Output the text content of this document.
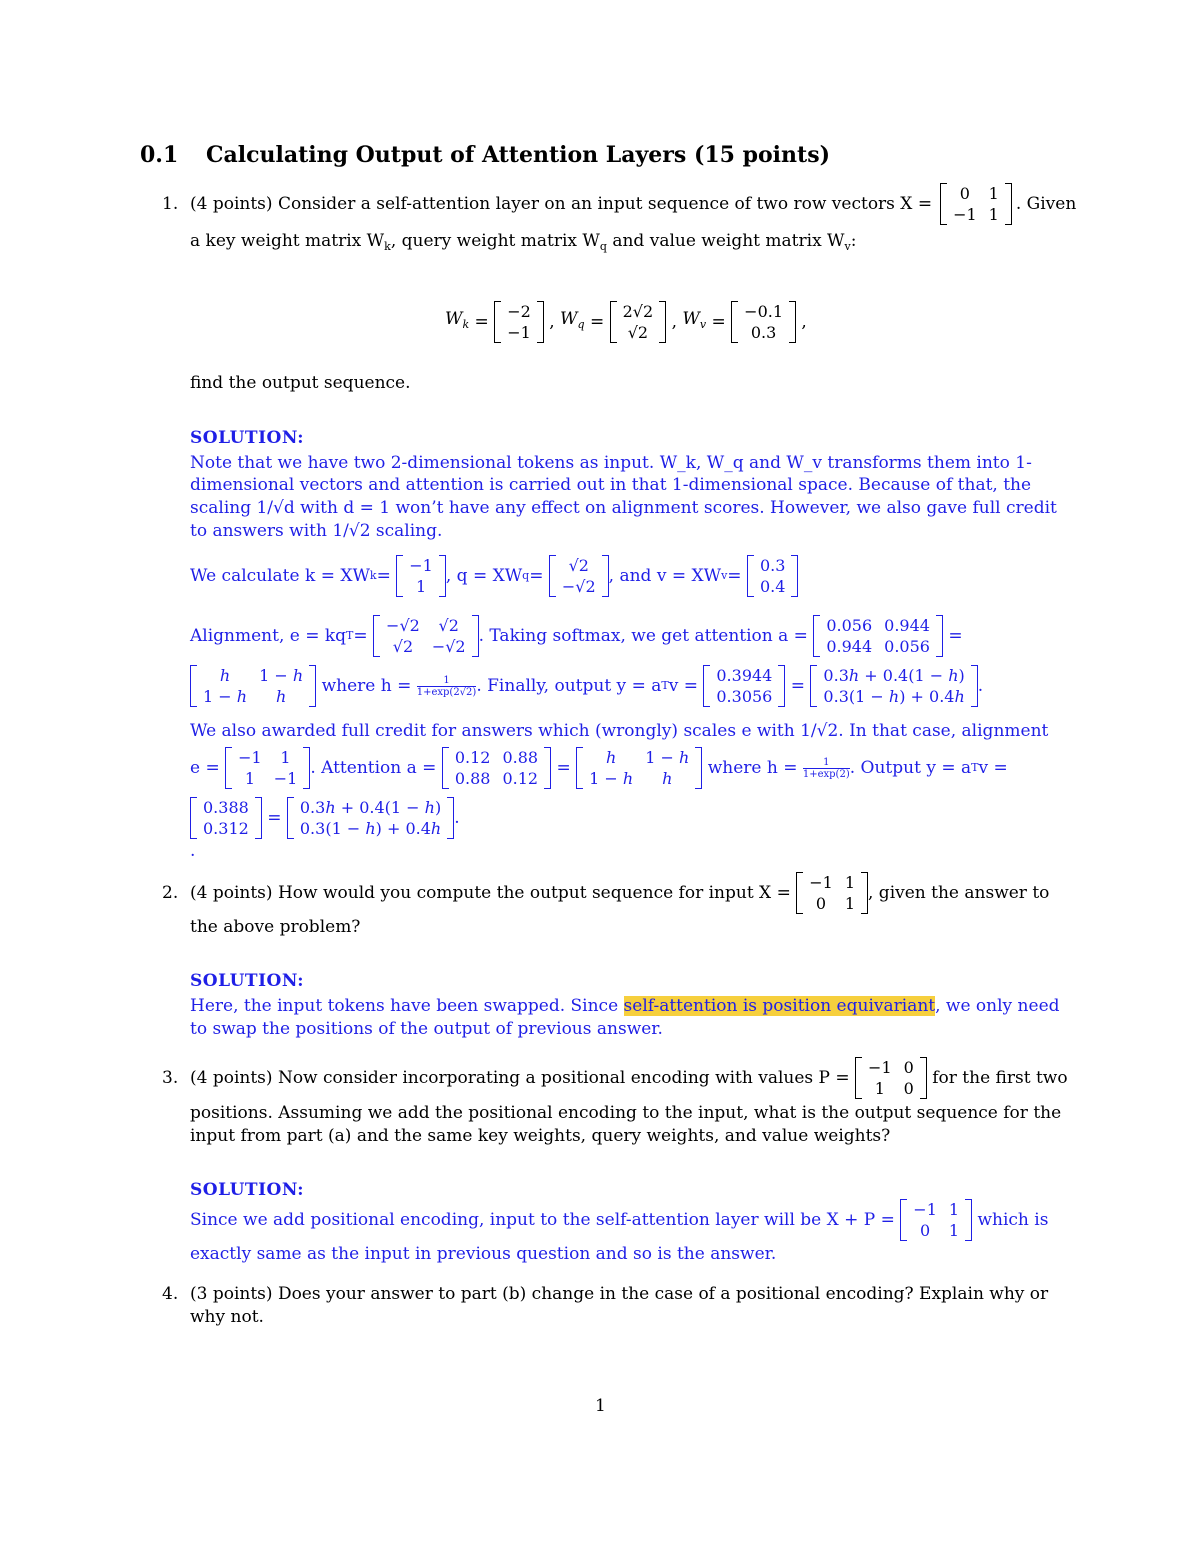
0.1 Calculating Output of Attention Layers (15 points)
1. (4 points) Consider a self-attention layer on an input sequence of two row vectors X =
0	1
−1	1
. Given
a key weight matrix $W_k$, query weight matrix $W_q$ and value weight matrix $W_v$:
$W_k$ =
−2
−1
, $W_q$ =
2√2
√2
, $W_v$ =
−0.1
0.3
,
find the output sequence.
SOLUTION:
Note that we have two 2-dimensional tokens as input. W_k, W_q and W_v transforms them into 1-
dimensional vectors and attention is carried out in that 1-dimensional space. Because of that, the
scaling 1/√d with d = 1 won’t have any effect on alignment scores. However, we also gave full credit
to answers with 1/√2 scaling.
We calculate k = XW k =

−1
1
, q = XW q =

√2
−√2
, and v = XW v =

0.3
0.4
Alignment, e = kq T =

−√2	√2
√2	−√2
. Taking softmax, we get attention a =

0.056	0.944
0.944	0.056

=
h	1 − h
1 − h	h

where h =
$\frac{1}{1+\exp(2√2)}$ . Finally, output y = a T v =

0.3944
0.3056

=

0.3h + 0.4(1 − h)
0.3(1 − h) + 0.4h
.
We also awarded full credit for answers which (wrongly) scales e with 1/√2. In that case, alignment
e =

−1	1
1	−1
. Attention a =

0.12	0.88
0.88	0.12

=

h	1 − h
1 − h	h

where h =
$\frac{1}{1+\exp(2)}$ . Output y = a T v =
0.388
0.312

=

0.3h + 0.4(1 − h)
0.3(1 − h) + 0.4h
.
.
2. (4 points) How would you compute the output sequence for input X =

−1	1
0	1
, given the answer to
the above problem?
SOLUTION:
Here, the input tokens have been swapped. Since self-attention is position equivariant, we only need
to swap the positions of the output of previous answer.
3. (4 points) Now consider incorporating a positional encoding with values P =

−1	0
1	0

for the first two
positions. Assuming we add the positional encoding to the input, what is the output sequence for the
input from part (a) and the same key weights, query weights, and value weights?
SOLUTION:
Since we add positional encoding, input to the self-attention layer will be X + P =

−1	1
0	1

which is
exactly same as the input in previous question and so is the answer.
4. (3 points) Does your answer to part (b) change in the case of a positional encoding? Explain why or
why not.
1
